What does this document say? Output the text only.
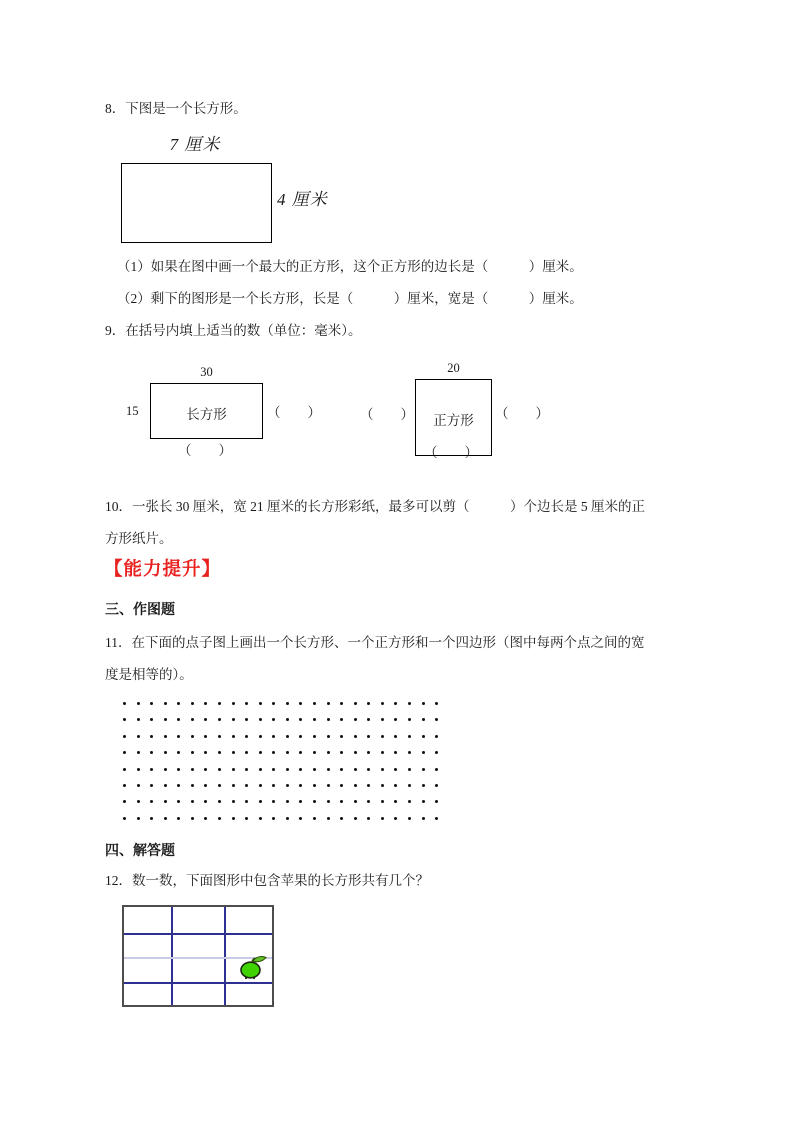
8．下图是一个长方形。
7 厘米
4 厘米
（1）如果在图中画一个最大的正方形，这个正方形的边长是（　　　）厘米。
（2）剩下的图形是一个长方形，长是（　　　）厘米，宽是（　　　）厘米。
9．在括号内填上适当的数（单位：毫米）。
30
15	长方形	（　　）
（　　）
20
（　　）	正方形	（　　）
（　　）
10．一张长 30 厘米，宽 21 厘米的长方形彩纸，最多可以剪（　　　）个边长是 5 厘米的正
方形纸片。
【能力提升】
三、作图题
11．在下面的点子图上画出一个长方形、一个正方形和一个四边形（图中每两个点之间的宽
度是相等的）。
四、解答题
12．数一数，下面图形中包含苹果的长方形共有几个？
